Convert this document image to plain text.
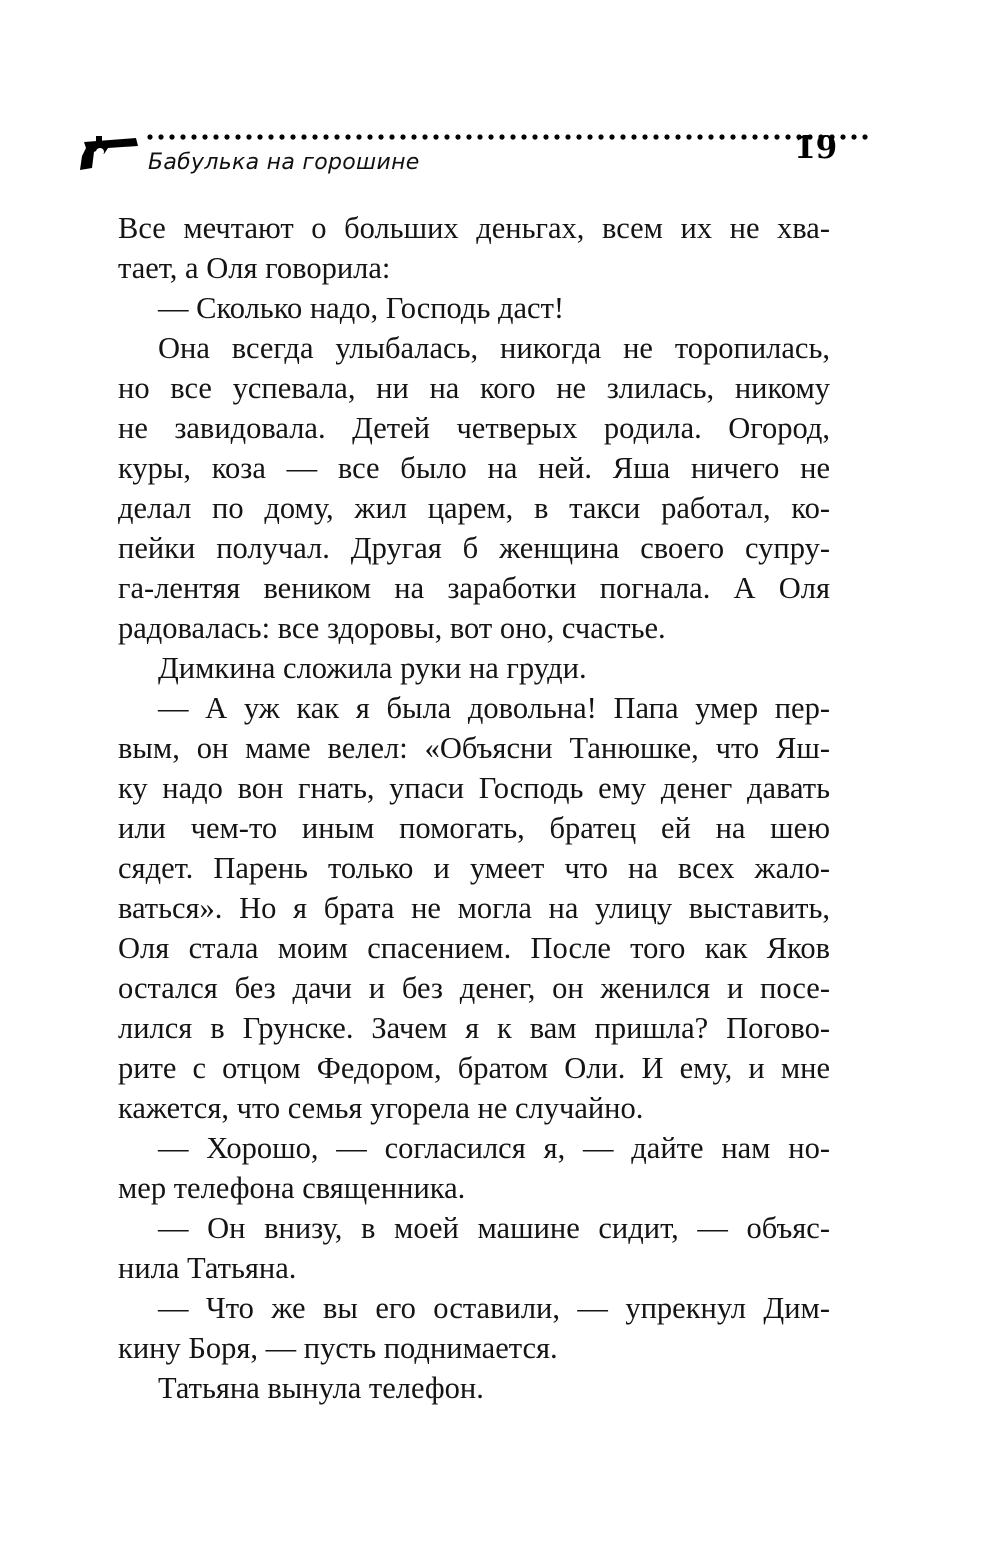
Бабулька на горошине	19
Все мечтают о больших деньгах, всем их не хва-
тает, а Оля говорила:
— Сколько надо, Господь даст!
Она всегда улыбалась, никогда не торопилась,
но все успевала, ни на кого не злилась, никому
не завидовала. Детей четверых родила. Огород,
куры, коза — все было на ней. Яша ничего не
делал по дому, жил царем, в такси работал, ко-
пейки получал. Другая б женщина своего супру-
га-лентяя веником на заработки погнала. А Оля
радовалась: все здоровы, вот оно, счастье.
Димкина сложила руки на груди.
— А уж как я была довольна! Папа умер пер-
вым, он маме велел: «Объясни Танюшке, что Яш-
ку надо вон гнать, упаси Господь ему денег давать
или чем-то иным помогать, братец ей на шею
сядет. Парень только и умеет что на всех жало-
ваться». Но я брата не могла на улицу выставить,
Оля стала моим спасением. После того как Яков
остался без дачи и без денег, он женился и посе-
лился в Грунске. Зачем я к вам пришла? Погово-
рите с отцом Федором, братом Оли. И ему, и мне
кажется, что семья угорела не случайно.
— Хорошо, — согласился я, — дайте нам но-
мер телефона священника.
— Он внизу, в моей машине сидит, — объяс-
нила Татьяна.
— Что же вы его оставили, — упрекнул Дим-
кину Боря, — пусть поднимается.
Татьяна вынула телефон.
